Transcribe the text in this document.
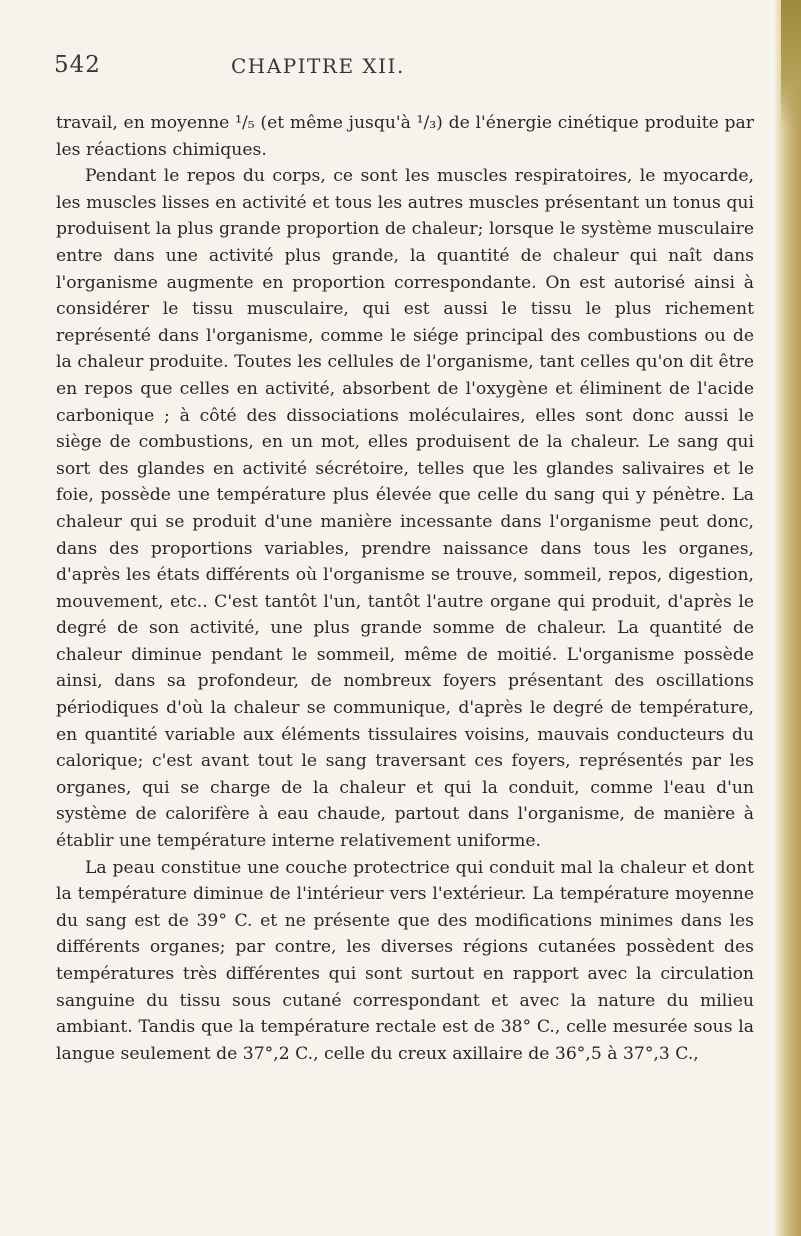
542	CHAPITRE XII.

travail, en moyenne ¹/₅ (et même jusqu'à ¹/₃) de l'énergie cinétique produite par les réactions chimiques.

Pendant le repos du corps, ce sont les muscles respiratoires, le myocarde, les muscles lisses en activité et tous les autres muscles présentant un tonus qui produisent la plus grande proportion de chaleur; lorsque le système musculaire entre dans une activité plus grande, la quantité de chaleur qui naît dans l'organisme augmente en proportion correspondante. On est autorisé ainsi à considérer le tissu musculaire, qui est aussi le tissu le plus richement représenté dans l'organisme, comme le siége principal des combustions ou de la chaleur produite. Toutes les cellules de l'organisme, tant celles qu'on dit être en repos que celles en activité, absorbent de l'oxygène et éliminent de l'acide carbonique ; à côté des dissociations moléculaires, elles sont donc aussi le siège de combustions, en un mot, elles produisent de la chaleur. Le sang qui sort des glandes en activité sécrétoire, telles que les glandes salivaires et le foie, possède une température plus élevée que celle du sang qui y pénètre. La chaleur qui se produit d'une manière incessante dans l'organisme peut donc, dans des proportions variables, prendre naissance dans tous les organes, d'après les états différents où l'organisme se trouve, sommeil, repos, digestion, mouvement, etc.. C'est tantôt l'un, tantôt l'autre organe qui produit, d'après le degré de son activité, une plus grande somme de chaleur. La quantité de chaleur diminue pendant le sommeil, même de moitié. L'organisme possède ainsi, dans sa profondeur, de nombreux foyers présentant des oscillations périodiques d'où la chaleur se communique, d'après le degré de température, en quantité variable aux éléments tissulaires voisins, mauvais conducteurs du calorique; c'est avant tout le sang traversant ces foyers, représentés par les organes, qui se charge de la chaleur et qui la conduit, comme l'eau d'un système de calorifère à eau chaude, partout dans l'organisme, de manière à établir une température interne relativement uniforme.

La peau constitue une couche protectrice qui conduit mal la chaleur et dont la température diminue de l'intérieur vers l'extérieur. La température moyenne du sang est de 39° C. et ne présente que des modifications minimes dans les différents organes; par contre, les diverses régions cutanées possèdent des températures très différentes qui sont surtout en rapport avec la circulation sanguine du tissu sous cutané correspondant et avec la nature du milieu ambiant. Tandis que la température rectale est de 38° C., celle mesurée sous la langue seulement de 37°,2 C., celle du creux axillaire de 36°,5 à 37°,3 C.,
